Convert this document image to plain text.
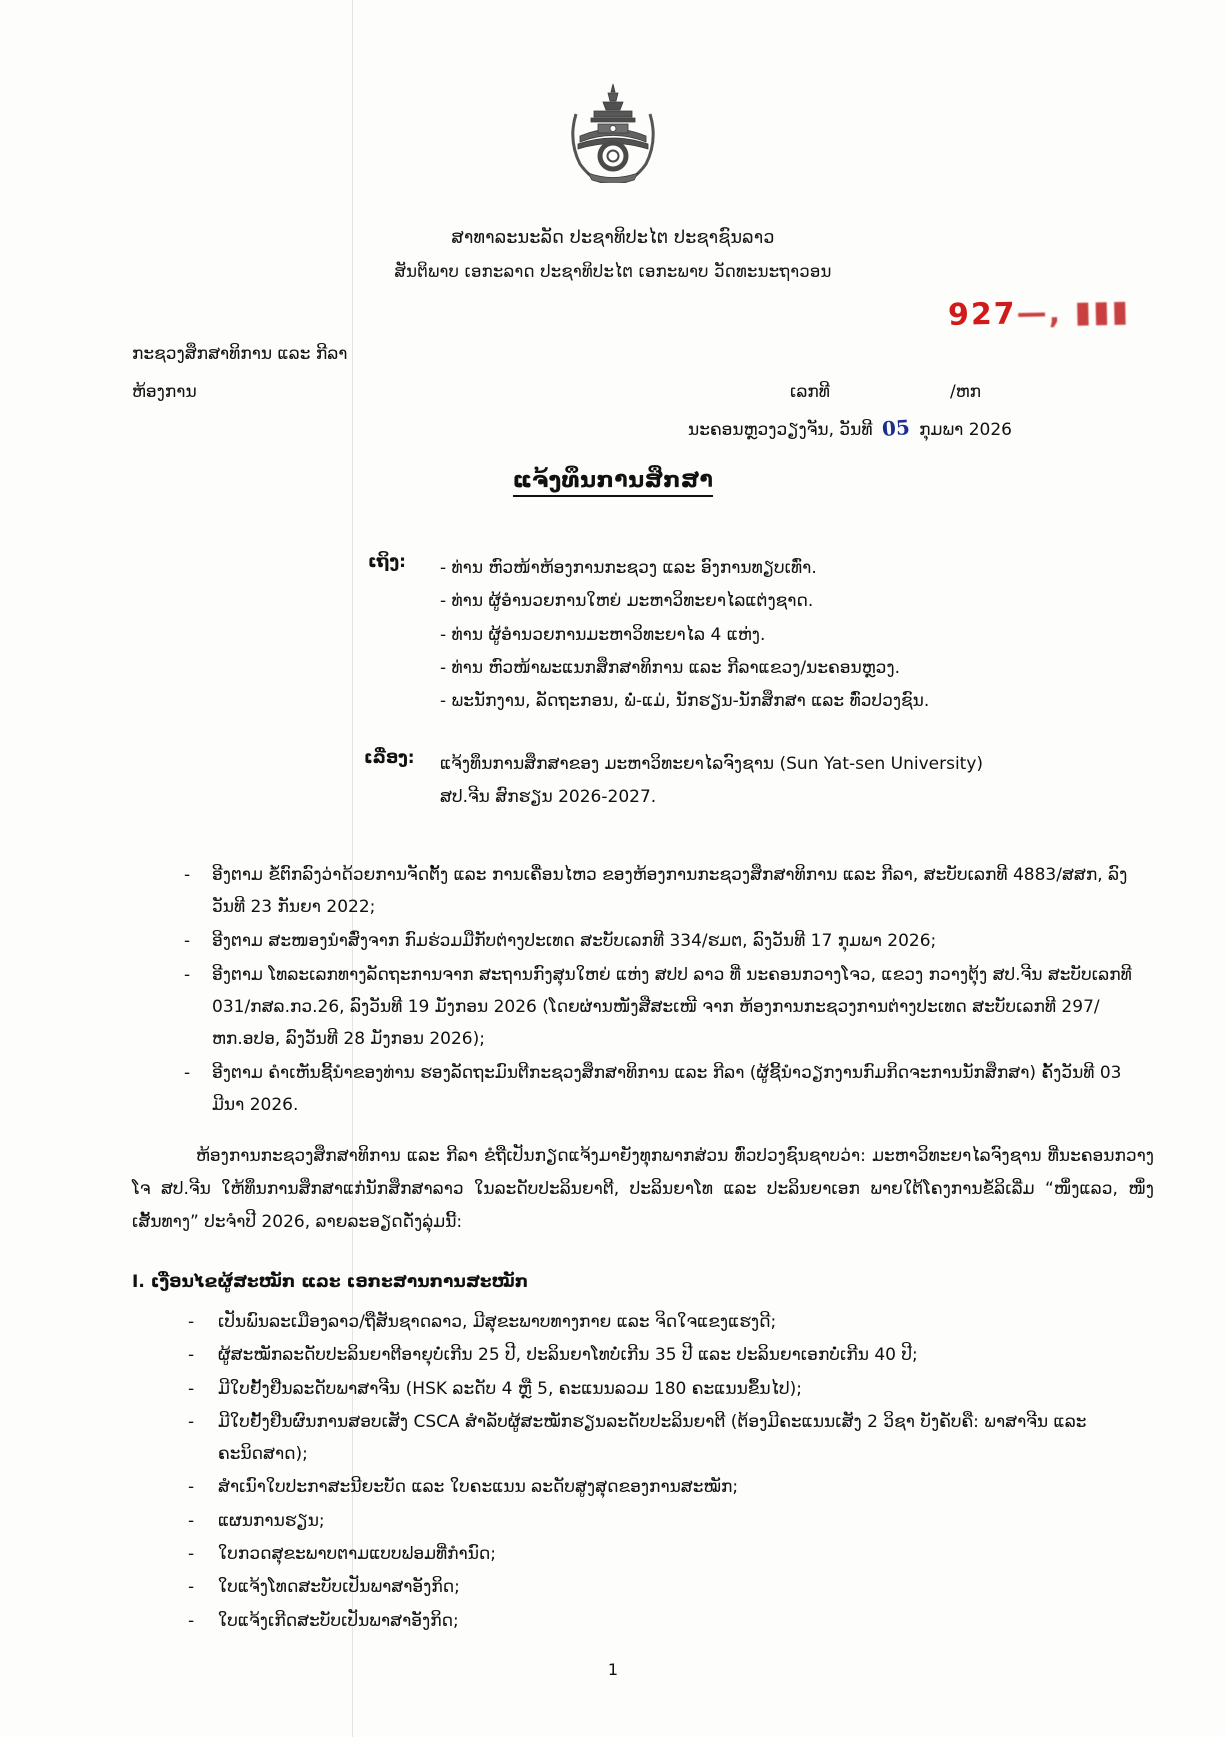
ສາທາລະນະລັດ ປະຊາທິປະໄຕ ປະຊາຊົນລາວ
ສັນຕິພາບ ເອກະລາດ ປະຊາທິປະໄຕ ເອກະພາບ ວັດທະນະຖາວອນ
927—, ▮▮▮
ກະຊວງສຶກສາທິການ ແລະ ກີລາ
ຫ້ອງການ	ເລກທີ	/ຫກ
ນະຄອນຫຼວງວຽງຈັນ, ວັນທີ 05 ກຸມພາ 2026
ແຈ້ງທຶນການສຶກສາ
ເຖິງ: - ທ່ານ ຫົວໜ້າຫ້ອງການກະຊວງ ແລະ ອົງການທຽບເທົ່າ.
- ທ່ານ ຜູ້ອຳນວຍການໃຫຍ່ ມະຫາວິທະຍາໄລແຕ່ງຊາດ.
- ທ່ານ ຜູ້ອຳນວຍການມະຫາວິທະຍາໄລ 4 ແຫ່ງ.
- ທ່ານ ຫົວໜ້າພະແນກສຶກສາທິການ ແລະ ກີລາແຂວງ/ນະຄອນຫຼວງ.
- ພະນັກງານ, ລັດຖະກອນ, ພໍ່-ແມ່, ນັກຮຽນ-ນັກສຶກສາ ແລະ ທົ່ວປວງຊົນ.
ເລື່ອງ: ແຈ້ງທຶນການສຶກສາຂອງ ມະຫາວິທະຍາໄລຈົງຊານ (Sun Yat-sen University)
ສປ.ຈີນ ສົກຮຽນ 2026-2027.
- ອີງຕາມ ຂໍ້ຕົກລົງວ່າດ້ວຍການຈັດຕັ້ງ ແລະ ການເຄື່ອນໄຫວ ຂອງຫ້ອງການກະຊວງສຶກສາທິການ ແລະ ກີລາ, ສະບັບເລກທີ 4883/ສສກ, ລົງວັນທີ 23 ກັນຍາ 2022;
- ອີງຕາມ ສະໜອງນຳສົ່ງຈາກ ກົມຮ່ວມມືກັບຕ່າງປະເທດ ສະບັບເລກທີ 334/ຮມຕ, ລົງວັນທີ 17 ກຸມພາ 2026;
- ອີງຕາມ ໂທລະເລກທາງລັດຖະການຈາກ ສະຖານກົງສຸນໃຫຍ່ ແຫ່ງ ສປປ ລາວ ທີ່ ນະຄອນກວາງໂຈວ, ແຂວງ ກວາງຕຸ້ງ ສປ.ຈີນ ສະບັບເລກທີ 031/ກສລ.ກວ.26, ລົງວັນທີ 19 ມັງກອນ 2026 (ໂດຍຜ່ານໜັງສືສະເໜີ ຈາກ ຫ້ອງການກະຊວງການຕ່າງປະເທດ ສະບັບເລກທີ 297/ຫກ.ອປອ, ລົງວັນທີ 28 ມັງກອນ 2026);
- ອີງຕາມ ຄຳເຫັນຊີ້ນຳຂອງທ່ານ ຮອງລັດຖະມົນຕີກະຊວງສຶກສາທິການ ແລະ ກີລາ (ຜູ້ຊີ້ນຳວຽກງານກົມກິດຈະການນັກສຶກສາ) ຄັ້ງວັນທີ 03 ມີນາ 2026.
ຫ້ອງການກະຊວງສຶກສາທິການ ແລະ ກີລາ ຂໍຖືເປັນກຽດແຈ້ງມາຍັງທຸກພາກສ່ວນ ທົ່ວປວງຊົນຊາບວ່າ: ມະຫາວິທະຍາໄລຈົງຊານ ທີ່ນະຄອນກວາງໂຈ ສປ.ຈີນ ໃຫ້ທຶນການສຶກສາແກ່ນັກສຶກສາລາວ ໃນລະດັບປະລິນຍາຕີ, ປະລິນຍາໂທ ແລະ ປະລິນຍາເອກ ພາຍໃຕ້ໂຄງການຂໍ້ລິເລີ່ມ “ໜຶ່ງແລວ, ໜຶ່ງເສັ້ນທາງ” ປະຈຳປີ 2026, ລາຍລະອຽດດັ່ງລຸ່ມນີ້:
I. ເງື່ອນໄຂຜູ້ສະໝັກ ແລະ ເອກະສານການສະໝັກ
- ເປັນພົນລະເມືອງລາວ/ຖືສັນຊາດລາວ, ມີສຸຂະພາບທາງກາຍ ແລະ ຈິດໃຈແຂງແຮງດີ;
- ຜູ້ສະໝັກລະດັບປະລິນຍາຕີອາຍຸບໍ່ເກີນ 25 ປີ, ປະລິນຍາໂທບໍ່ເກີນ 35 ປີ ແລະ ປະລິນຍາເອກບໍ່ເກີນ 40 ປີ;
- ມີໃບຢັ້ງຢືນລະດັບພາສາຈີນ (HSK ລະດັບ 4 ຫຼື 5, ຄະແນນລວມ 180 ຄະແນນຂຶ້ນໄປ);
- ມີໃບຢັ້ງຢືນຜົນການສອບເສັງ CSCA ສຳລັບຜູ້ສະໝັກຮຽນລະດັບປະລິນຍາຕີ (ຕ້ອງມີຄະແນນເສັງ 2 ວິຊາ ບັງຄັບຄື: ພາສາຈີນ ແລະ ຄະນິດສາດ);
- ສຳເນົາໃບປະກາສະນີຍະບັດ ແລະ ໃບຄະແນນ ລະດັບສູງສຸດຂອງການສະໝັກ;
- ແຜນການຮຽນ;
- ໃບກວດສຸຂະພາບຕາມແບບຟອມທີ່ກຳນົດ;
- ໃບແຈ້ງໂທດສະບັບເປັນພາສາອັງກິດ;
- ໃບແຈ້ງເກີດສະບັບເປັນພາສາອັງກິດ;
1
